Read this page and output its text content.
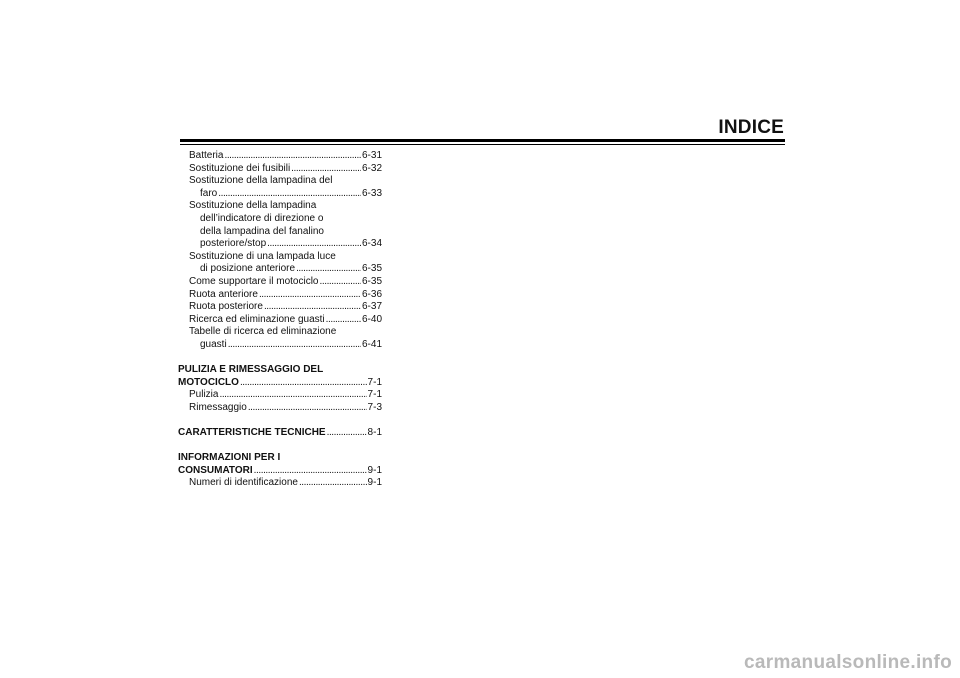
INDICE
Batteria . . .	6-31
Sostituzione dei fusibili . . .	6-32
Sostituzione della lampadina del
faro . . .	6-33
Sostituzione della lampadina
dell’indicatore di direzione o
della lampadina del fanalino
posteriore/stop . . .	6-34
Sostituzione di una lampada luce
di posizione anteriore . . .	6-35
Come supportare il motociclo . . .	6-35
Ruota anteriore . . .	6-36
Ruota posteriore . . .	6-37
Ricerca ed eliminazione guasti . . .	6-40
Tabelle di ricerca ed eliminazione
guasti . . .	6-41
PULIZIA E RIMESSAGGIO DEL
MOTOCICLO . . .	7-1
Pulizia . . .	7-1
Rimessaggio . . .	7-3
CARATTERISTICHE TECNICHE . . .	8-1
INFORMAZIONI PER I
CONSUMATORI . . .	9-1
Numeri di identificazione . . .	9-1
carmanualsonline.info
